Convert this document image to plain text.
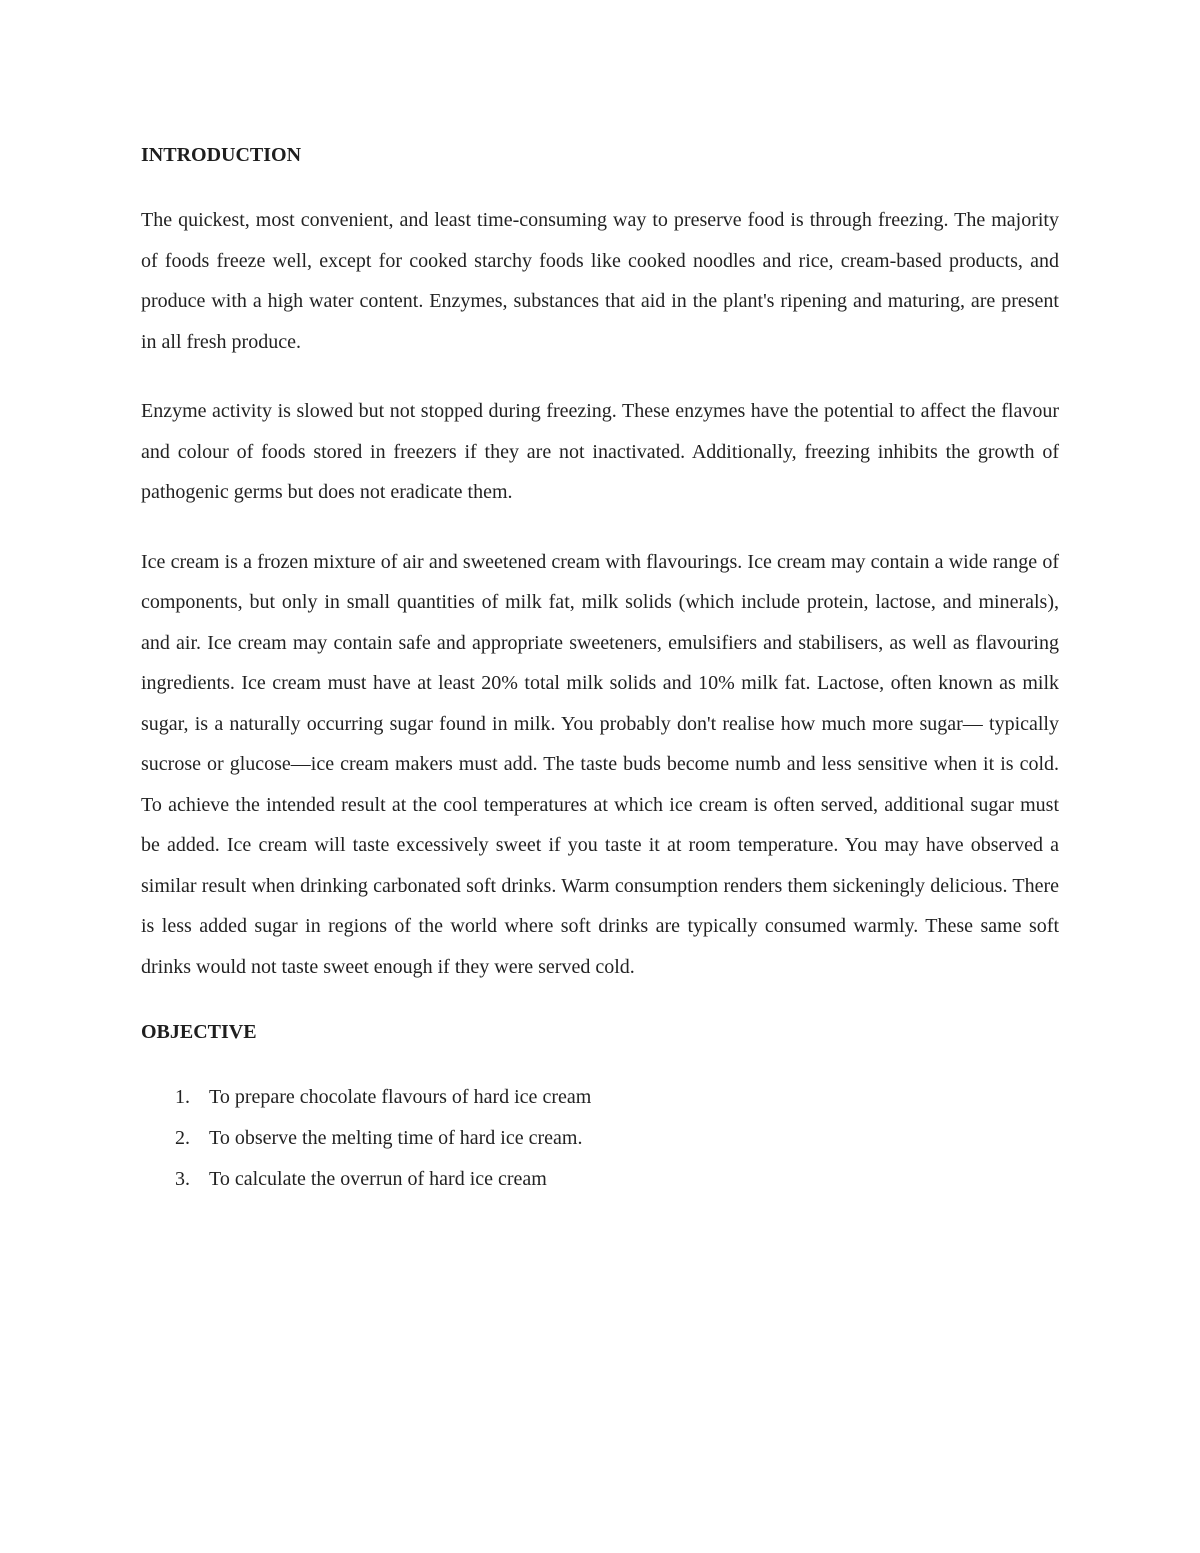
INTRODUCTION

The quickest, most convenient, and least time-consuming way to preserve food is through freezing. The majority of foods freeze well, except for cooked starchy foods like cooked noodles and rice, cream-based products, and produce with a high water content. Enzymes, substances that aid in the plant's ripening and maturing, are present in all fresh produce.

Enzyme activity is slowed but not stopped during freezing. These enzymes have the potential to affect the flavour and colour of foods stored in freezers if they are not inactivated. Additionally, freezing inhibits the growth of pathogenic germs but does not eradicate them.

Ice cream is a frozen mixture of air and sweetened cream with flavourings. Ice cream may contain a wide range of components, but only in small quantities of milk fat, milk solids (which include protein, lactose, and minerals), and air. Ice cream may contain safe and appropriate sweeteners, emulsifiers and stabilisers, as well as flavouring ingredients. Ice cream must have at least 20% total milk solids and 10% milk fat. Lactose, often known as milk sugar, is a naturally occurring sugar found in milk. You probably don't realise how much more sugar— typically sucrose or glucose—ice cream makers must add. The taste buds become numb and less sensitive when it is cold. To achieve the intended result at the cool temperatures at which ice cream is often served, additional sugar must be added. Ice cream will taste excessively sweet if you taste it at room temperature. You may have observed a similar result when drinking carbonated soft drinks. Warm consumption renders them sickeningly delicious. There is less added sugar in regions of the world where soft drinks are typically consumed warmly. These same soft drinks would not taste sweet enough if they were served cold.

OBJECTIVE
1. To prepare chocolate flavours of hard ice cream
2. To observe the melting time of hard ice cream.
3. To calculate the overrun of hard ice cream
